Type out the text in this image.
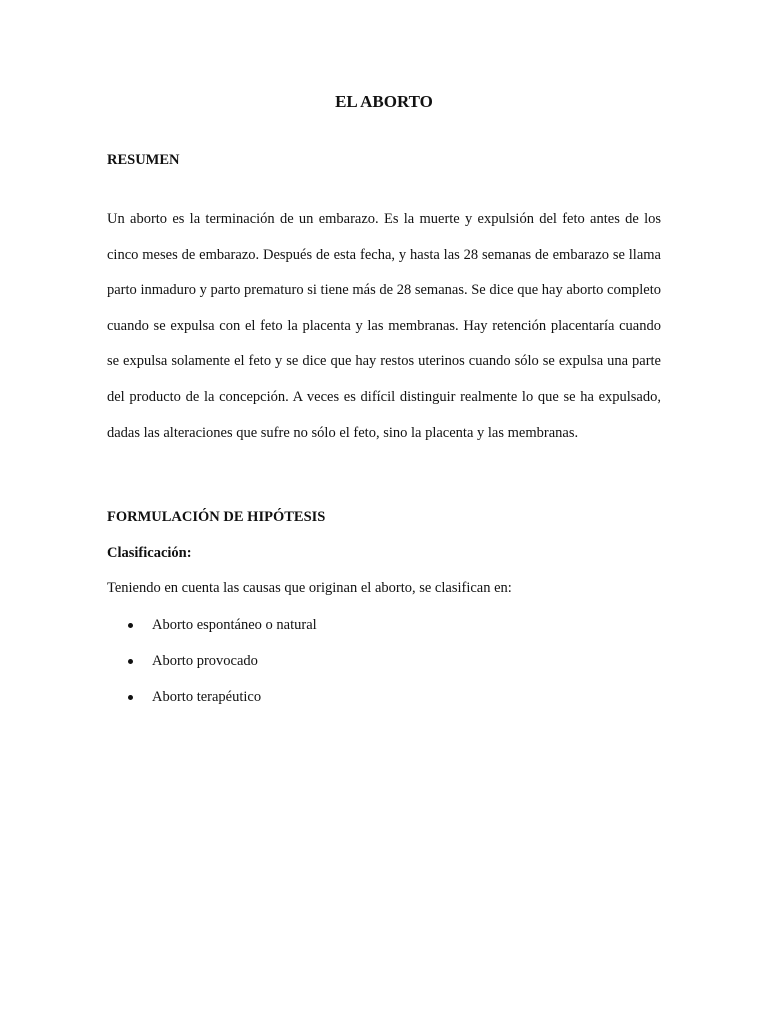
EL ABORTO
RESUMEN

Un aborto es la terminación de un embarazo. Es la muerte y expulsión del feto antes de los cinco meses de embarazo. Después de esta fecha, y hasta las 28 semanas de embarazo se llama parto inmaduro y parto prematuro si tiene más de 28 semanas. Se dice que hay aborto completo cuando se expulsa con el feto la placenta y las membranas. Hay retención placentaría cuando se expulsa solamente el feto y se dice que hay restos uterinos cuando sólo se expulsa una parte del producto de la concepción. A veces es difícil distinguir realmente lo que se ha expulsado, dadas las alteraciones que sufre no sólo el feto, sino la placenta y las membranas.

FORMULACIÓN DE HIPÓTESIS
Clasificación:

Teniendo en cuenta las causas que originan el aborto, se clasifican en:

Aborto espontáneo o natural
Aborto provocado
Aborto terapéutico
